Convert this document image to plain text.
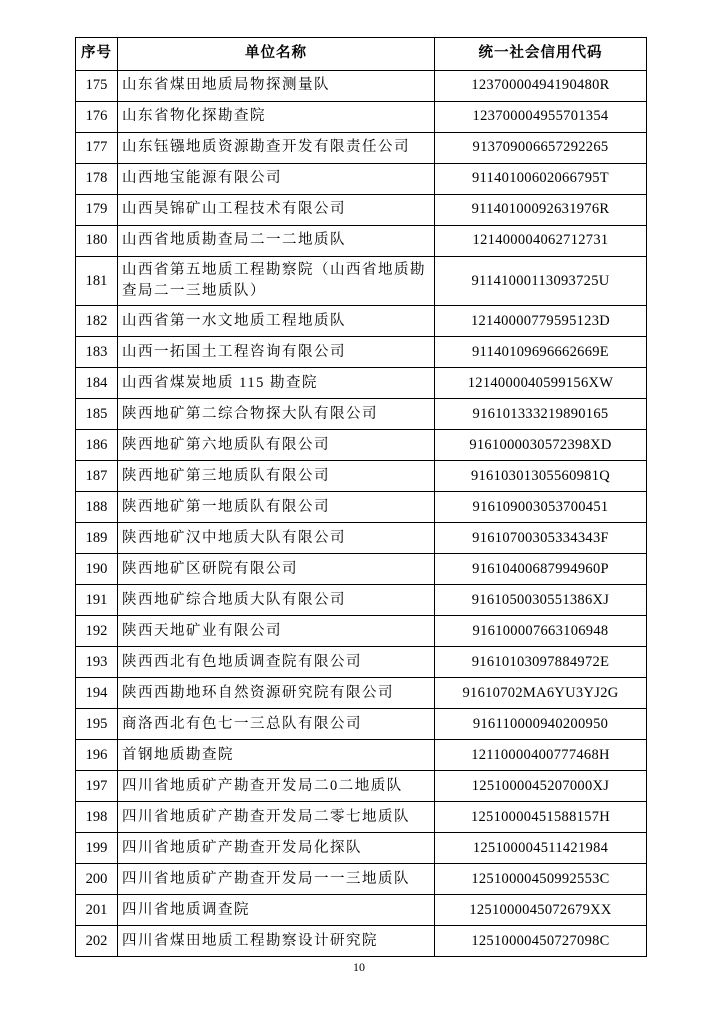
序号	单位名称	统一社会信用代码
175	山东省煤田地质局物探测量队	12370000494190480R
176	山东省物化探勘查院	123700004955701354
177	山东钰镪地质资源勘查开发有限责任公司	913709006657292265
178	山西地宝能源有限公司	91140100602066795T
179	山西昊锦矿山工程技术有限公司	91140100092631976R
180	山西省地质勘查局二一二地质队	121400004062712731
181	山西省第五地质工程勘察院（山西省地质勘查局二一三地质队）	91141000113093725U
182	山西省第一水文地质工程地质队	12140000779595123D
183	山西一拓国土工程咨询有限公司	91140109696662669E
184	山西省煤炭地质 115 勘查院	1214000040599156XW
185	陕西地矿第二综合物探大队有限公司	916101333219890165
186	陕西地矿第六地质队有限公司	9161000030572398XD
187	陕西地矿第三地质队有限公司	91610301305560981Q
188	陕西地矿第一地质队有限公司	916109003053700451
189	陕西地矿汉中地质大队有限公司	91610700305334343F
190	陕西地矿区研院有限公司	91610400687994960P
191	陕西地矿综合地质大队有限公司	9161050030551386XJ
192	陕西天地矿业有限公司	916100007663106948
193	陕西西北有色地质调查院有限公司	91610103097884972E
194	陕西西勘地环自然资源研究院有限公司	91610702MA6YU3YJ2G
195	商洛西北有色七一三总队有限公司	916110000940200950
196	首钢地质勘查院	12110000400777468H
197	四川省地质矿产勘查开发局二0二地质队	1251000045207000XJ
198	四川省地质矿产勘查开发局二零七地质队	12510000451588157H
199	四川省地质矿产勘查开发局化探队	125100004511421984
200	四川省地质矿产勘查开发局一一三地质队	12510000450992553C
201	四川省地质调查院	1251000045072679XX
202	四川省煤田地质工程勘察设计研究院	12510000450727098C
10
